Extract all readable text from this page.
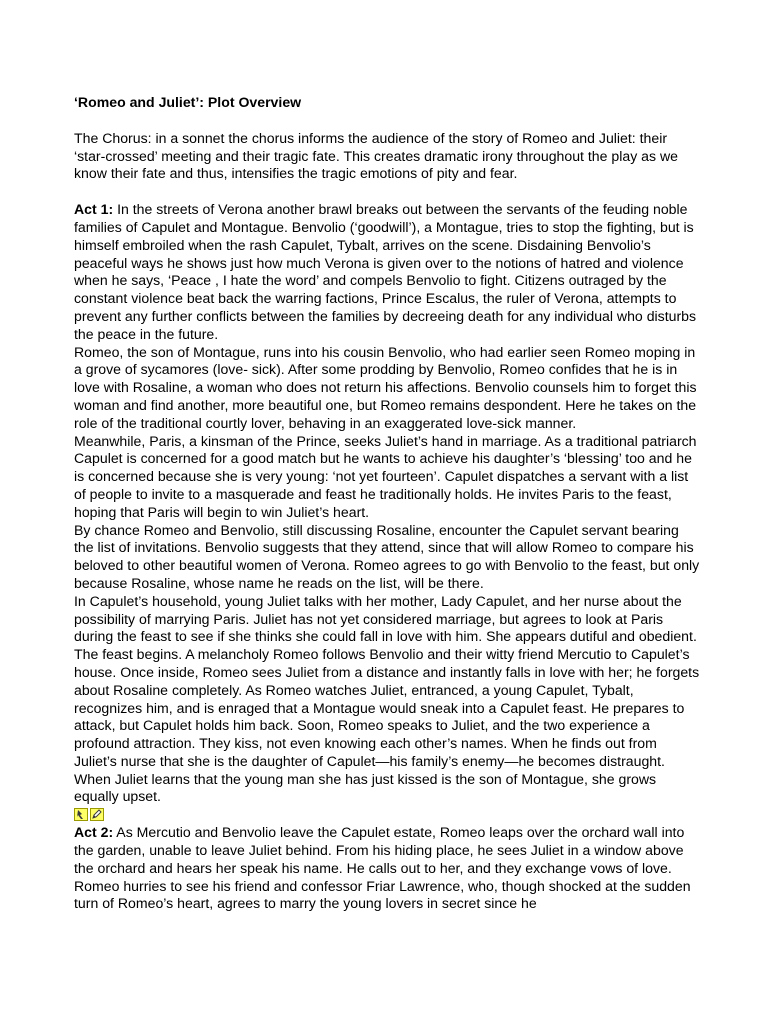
‘Romeo and Juliet’: Plot Overview

The Chorus: in a sonnet the chorus informs the audience of the story of Romeo and Juliet: their ‘star-crossed’ meeting and their tragic fate. This creates dramatic irony throughout the play as we know their fate and thus, intensifies the tragic emotions of pity and fear.

Act 1: In the streets of Verona another brawl breaks out between the servants of the feuding noble families of Capulet and Montague. Benvolio (‘goodwill’), a Montague, tries to stop the fighting, but is himself embroiled when the rash Capulet, Tybalt, arrives on the scene. Disdaining Benvolio’s peaceful ways he shows just how much Verona is given over to the notions of hatred and violence when he says, ‘Peace , I hate the word’ and compels Benvolio to fight. Citizens outraged by the constant violence beat back the warring factions, Prince Escalus, the ruler of Verona, attempts to prevent any further conflicts between the families by decreeing death for any individual who disturbs the peace in the future.

Romeo, the son of Montague, runs into his cousin Benvolio, who had earlier seen Romeo moping in a grove of sycamores (love- sick). After some prodding by Benvolio, Romeo confides that he is in love with Rosaline, a woman who does not return his affections. Benvolio counsels him to forget this woman and find another, more beautiful one, but Romeo remains despondent. Here he takes on the role of the traditional courtly lover, behaving in an exaggerated love-sick manner.

Meanwhile, Paris, a kinsman of the Prince, seeks Juliet’s hand in marriage. As a traditional patriarch Capulet is concerned for a good match but he wants to achieve his daughter’s ‘blessing’ too and he is concerned because she is very young: ‘not yet fourteen’. Capulet dispatches a servant with a list of people to invite to a masquerade and feast he traditionally holds. He invites Paris to the feast, hoping that Paris will begin to win Juliet’s heart.

By chance Romeo and Benvolio, still discussing Rosaline, encounter the Capulet servant bearing the list of invitations. Benvolio suggests that they attend, since that will allow Romeo to compare his beloved to other beautiful women of Verona. Romeo agrees to go with Benvolio to the feast, but only because Rosaline, whose name he reads on the list, will be there.

In Capulet’s household, young Juliet talks with her mother, Lady Capulet, and her nurse about the possibility of marrying Paris. Juliet has not yet considered marriage, but agrees to look at Paris during the feast to see if she thinks she could fall in love with him. She appears dutiful and obedient.

The feast begins. A melancholy Romeo follows Benvolio and their witty friend Mercutio to Capulet’s house. Once inside, Romeo sees Juliet from a distance and instantly falls in love with her; he forgets about Rosaline completely. As Romeo watches Juliet, entranced, a young Capulet, Tybalt, recognizes him, and is enraged that a Montague would sneak into a Capulet feast. He prepares to attack, but Capulet holds him back. Soon, Romeo speaks to Juliet, and the two experience a profound attraction. They kiss, not even knowing each other’s names. When he finds out from Juliet’s nurse that she is the daughter of Capulet—his family’s enemy—he becomes distraught. When Juliet learns that the young man she has just kissed is the son of Montague, she grows equally upset.

Act 2: As Mercutio and Benvolio leave the Capulet estate, Romeo leaps over the orchard wall into the garden, unable to leave Juliet behind. From his hiding place, he sees Juliet in a window above the orchard and hears her speak his name. He calls out to her, and they exchange vows of love.

Romeo hurries to see his friend and confessor Friar Lawrence, who, though shocked at the sudden turn of Romeo’s heart, agrees to marry the young lovers in secret since he
